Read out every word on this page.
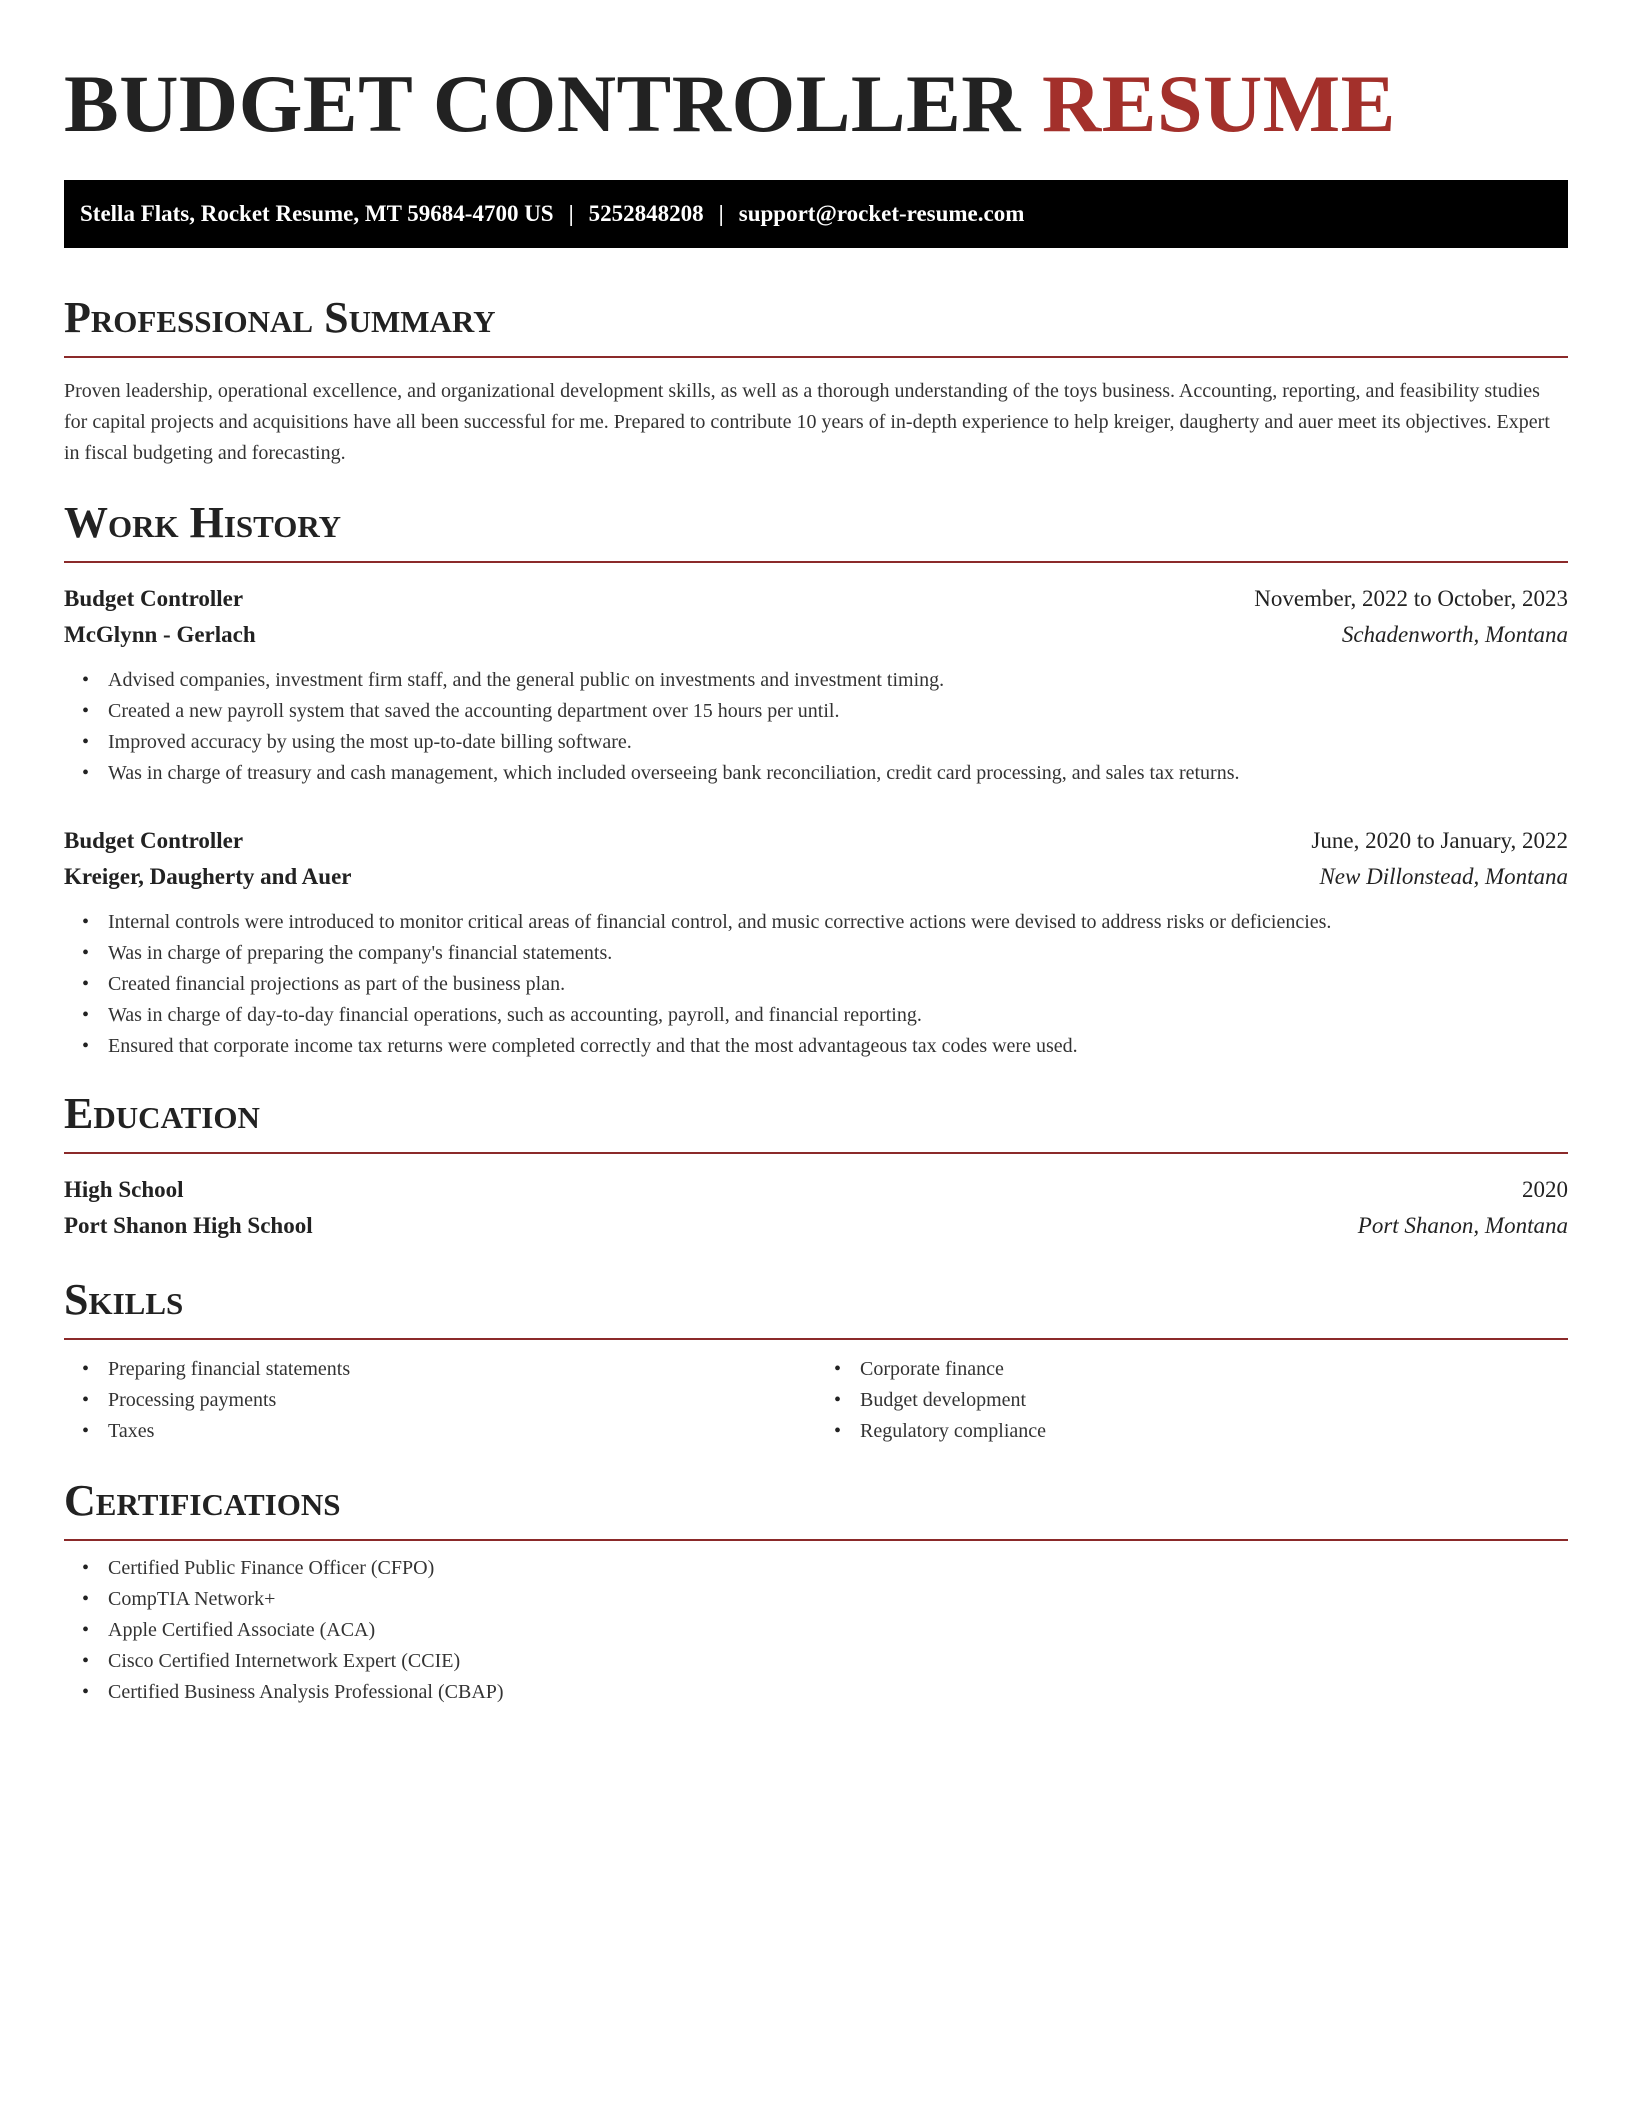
BUDGET CONTROLLER RESUME
Stella Flats, Rocket Resume, MT 59684-4700 US | 5252848208 | support@rocket-resume.com
Professional Summary

Proven leadership, operational excellence, and organizational development skills, as well as a thorough understanding of the toys business. Accounting, reporting, and feasibility studies for capital projects and acquisitions have all been successful for me. Prepared to contribute 10 years of in-depth experience to help kreiger, daugherty and auer meet its objectives. Expert in fiscal budgeting and forecasting.

Work History
Budget Controller	November, 2022 to October, 2023
McGlynn - Gerlach	Schadenworth, Montana
• Advised companies, investment firm staff, and the general public on investments and investment timing.
• Created a new payroll system that saved the accounting department over 15 hours per until.
• Improved accuracy by using the most up-to-date billing software.
• Was in charge of treasury and cash management, which included overseeing bank reconciliation, credit card processing, and sales tax returns.
Budget Controller	June, 2020 to January, 2022
Kreiger, Daugherty and Auer	New Dillonstead, Montana
• Internal controls were introduced to monitor critical areas of financial control, and music corrective actions were devised to address risks or deficiencies.
• Was in charge of preparing the company's financial statements.
• Created financial projections as part of the business plan.
• Was in charge of day-to-day financial operations, such as accounting, payroll, and financial reporting.
• Ensured that corporate income tax returns were completed correctly and that the most advantageous tax codes were used.
Education
High School	2020
Port Shanon High School	Port Shanon, Montana
Skills
• Preparing financial statements
• Processing payments
• Taxes
• Corporate finance
• Budget development
• Regulatory compliance
Certifications
• Certified Public Finance Officer (CFPO)
• CompTIA Network+
• Apple Certified Associate (ACA)
• Cisco Certified Internetwork Expert (CCIE)
• Certified Business Analysis Professional (CBAP)
